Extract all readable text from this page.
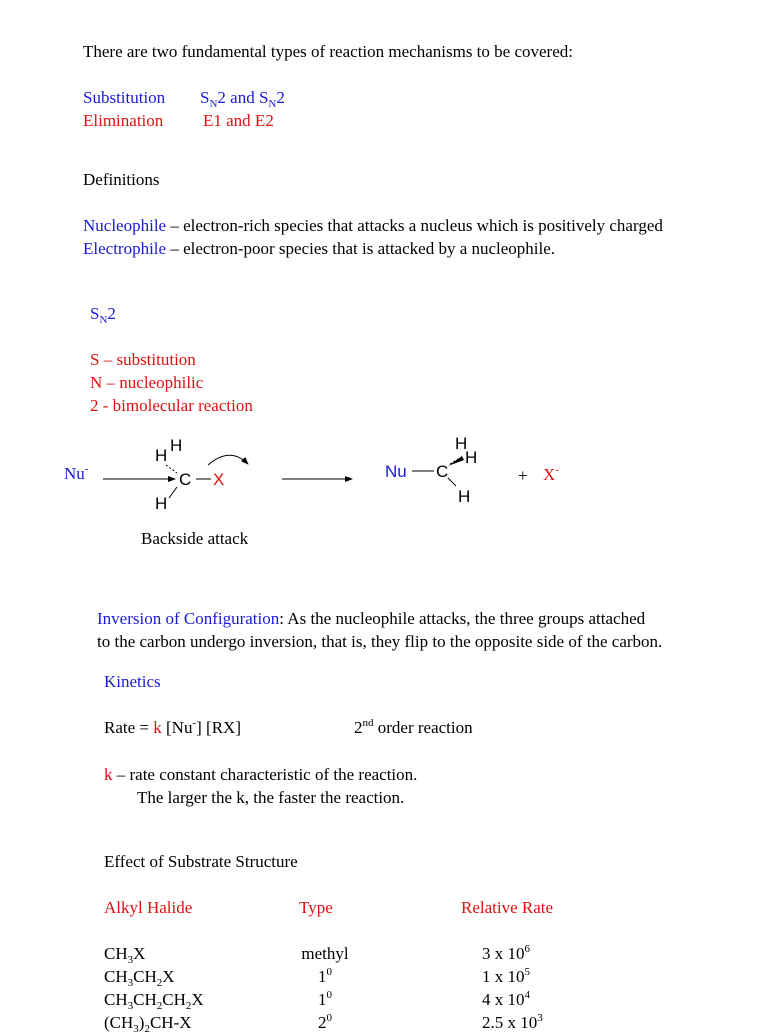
There are two fundamental types of reaction mechanisms to be covered:
Substitution $S_N2$ and $S_N2$
Elimination E1 and E2
Definitions
Nucleophile – electron-rich species that attacks a nucleus which is positively charged
Electrophile – electron-poor species that is attacked by a nucleophile.
$S_N2$
S – substitution
N – nucleophilic
2 - bimolecular reaction
Nu-
H
H
C X
H
Nu C
H
H
H
+ X-
Backside attack
Inversion of Configuration: As the nucleophile attacks, the three groups attached
to the carbon undergo inversion, that is, they flip to the opposite side of the carbon.
Kinetics
Rate = k [Nu-] [RX]	2nd order reaction
k – rate constant characteristic of the reaction.
The larger the k, the faster the reaction.
Effect of Substrate Structure
Alkyl Halide	Type	Relative Rate
$CH_3X$	methyl	3 x $10^6$
$CH_3CH_2X$	$1^0$	1 x $10^5$
$CH_3CH_2CH_2X$	$1^0$	4 x $10^4$
$(CH_3)_2CH-X$	$2^0$	2.5 x $10^3$
